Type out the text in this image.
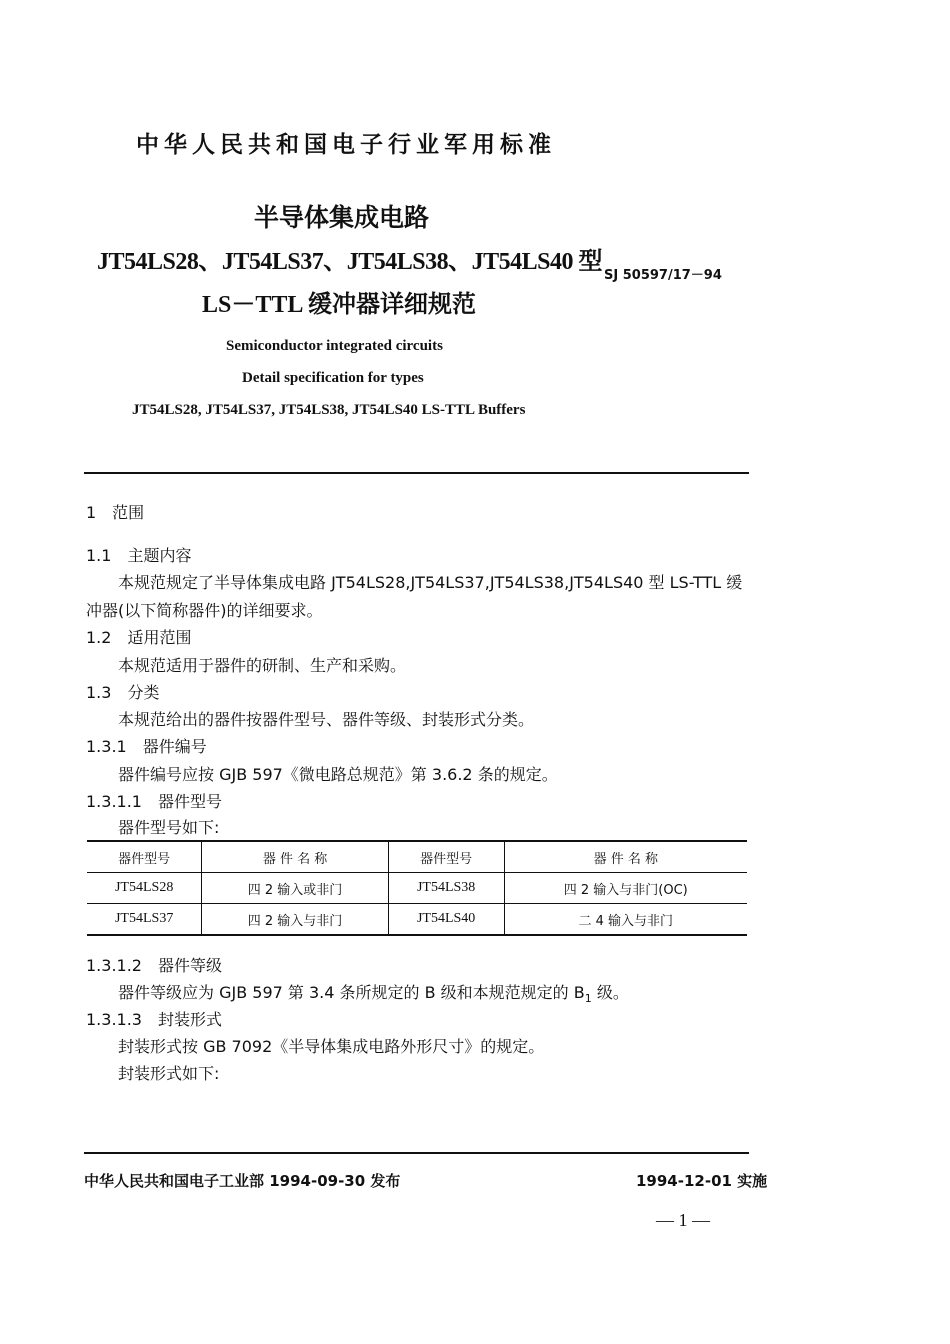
中华人民共和国电子行业军用标准
半导体集成电路
JT54LS28、JT54LS37、JT54LS38、JT54LS40 型
SJ 50597/17－94
LS－TTL 缓冲器详细规范
Semiconductor integrated circuits
Detail specification for types
JT54LS28, JT54LS37, JT54LS38, JT54LS40 LS-TTL Buffers
1　范围
1.1　主题内容
本规范规定了半导体集成电路 JT54LS28,JT54LS37,JT54LS38,JT54LS40 型 LS-TTL 缓
冲器(以下简称器件)的详细要求。
1.2　适用范围
本规范适用于器件的研制、生产和采购。
1.3　分类
本规范给出的器件按器件型号、器件等级、封装形式分类。
1.3.1　器件编号
器件编号应按 GJB 597《微电路总规范》第 3.6.2 条的规定。
1.3.1.1　器件型号
器件型号如下:
器件型号	器 件 名 称	器件型号	器 件 名 称
JT54LS28	四 2 输入或非门	JT54LS38	四 2 输入与非门(OC)
JT54LS37	四 2 输入与非门	JT54LS40	二 4 输入与非门
1.3.1.2　器件等级
器件等级应为 GJB 597 第 3.4 条所规定的 B 级和本规范规定的 $B_1$ 级。
1.3.1.3　封装形式
封装形式按 GB 7092《半导体集成电路外形尺寸》的规定。
封装形式如下:
中华人民共和国电子工业部 1994-09-30 发布	1994-12-01 实施
— 1 —
